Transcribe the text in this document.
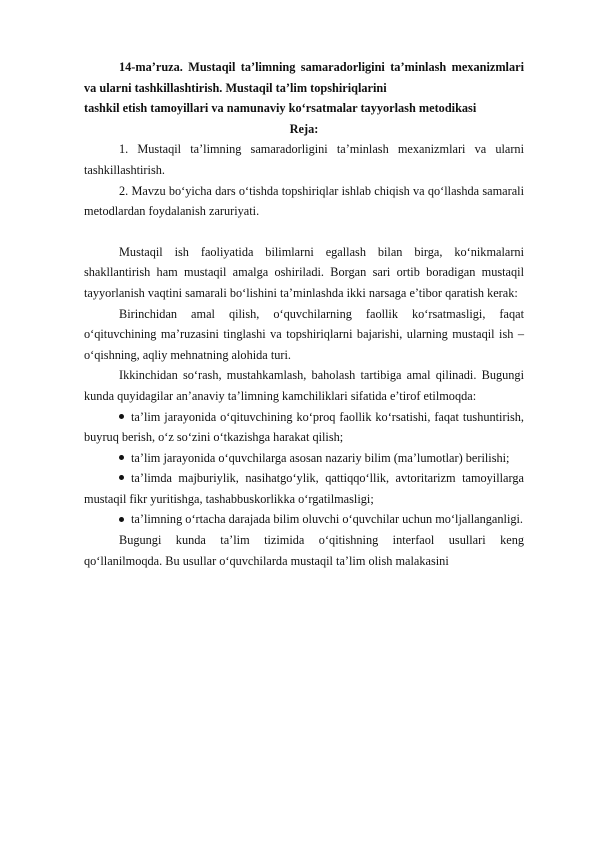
14-ma’ruza. Mustaqil ta’limning samaradorligini ta’minlash mexanizmlari va ularni tashkillashtirish. Mustaqil ta’lim topshiriqlarini
tashkil etish tamoyillari va namunaviy ko‘rsatmalar tayyorlash metodikasi
Reja:

1. Mustaqil ta’limning samaradorligini ta’minlash mexanizmlari va ularni tashkillashtirish.

2. Mavzu bo‘yicha dars o‘tishda topshiriqlar ishlab chiqish va qo‘llashda samarali metodlardan foydalanish zaruriyati.

Mustaqil ish faoliyatida bilimlarni egallash bilan birga, ko‘nikmalarni shakllantirish ham mustaqil amalga oshiriladi. Borgan sari ortib boradigan mustaqil tayyorlanish vaqtini samarali bo‘lishini ta’minlashda ikki narsaga e’tibor qaratish kerak:

Birinchidan amal qilish, o‘quvchilarning faollik ko‘rsatmasligi, faqat o‘qituvchining ma’ruzasini tinglashi va topshiriqlarni bajarishi, ularning mustaqil ish – o‘qishning, aqliy mehnatning alohida turi.

Ikkinchidan so‘rash, mustahkamlash, baholash tartibiga amal qilinadi. Bugungi kunda quyidagilar an’anaviy ta’limning kamchiliklari sifatida e’tirof etilmoqda:

ta’lim jarayonida o‘qituvchining ko‘proq faollik ko‘rsatishi, faqat tushuntirish, buyruq berish, o‘z so‘zini o‘tkazishga harakat qilish;

ta’lim jarayonida o‘quvchilarga asosan nazariy bilim (ma’lumotlar) berilishi;

ta’limda majburiylik, nasihatgo‘ylik, qattiqqo‘llik, avtoritarizm tamoyillarga mustaqil fikr yuritishga, tashabbuskorlikka o‘rgatilmasligi;

ta’limning o‘rtacha darajada bilim oluvchi o‘quvchilar uchun mo‘ljallanganligi.

Bugungi kunda ta’lim tizimida o‘qitishning interfaol usullari keng qo‘llanilmoqda. Bu usullar o‘quvchilarda mustaqil ta’lim olish malakasini
